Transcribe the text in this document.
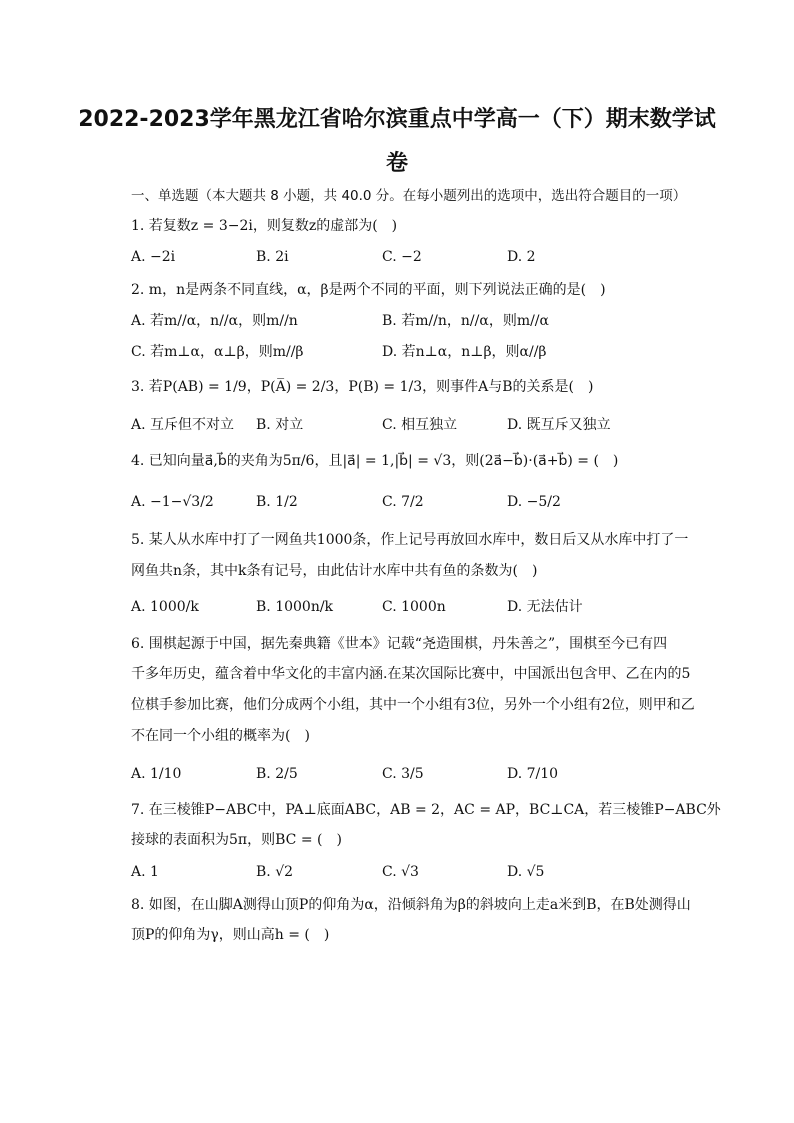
2022-2023学年黑龙江省哈尔滨重点中学高一（下）期末数学试
卷
一、单选题（本大题共 8 小题，共 40.0 分。在每小题列出的选项中，选出符合题目的一项）
1. 若复数z = 3−2i，则复数z的虚部为(　)
A. −2i	B. 2i	C. −2	D. 2
2. m，n是两条不同直线，α，β是两个不同的平面，则下列说法正确的是(　)
A. 若m//α，n//α，则m//n	B. 若m//n，n//α，则m//α
C. 若m⊥α，α⊥β，则m//β	D. 若n⊥α，n⊥β，则α//β
3. 若P(AB) = 1/9，P(A̅) = 2/3，P(B) = 1/3，则事件A与B的关系是(　)
A. 互斥但不对立 B. 对立	C. 相互独立	D. 既互斥又独立
4. 已知向量a⃗,b⃗的夹角为5π/6，且|a⃗| = 1,|b⃗| = √3，则(2a⃗−b⃗)·(a⃗+b⃗) = (　)
A. −1−√3/2	B. 1/2	C. 7/2	D. −5/2
5. 某人从水库中打了一网鱼共1000条，作上记号再放回水库中，数日后又从水库中打了一
网鱼共n条，其中k条有记号，由此估计水库中共有鱼的条数为(　)
A. 1000/k	B. 1000n/k	C. 1000n	D. 无法估计
6. 围棋起源于中国，据先秦典籍《世本》记载“尧造围棋，丹朱善之”，围棋至今已有四
千多年历史，蕴含着中华文化的丰富内涵.在某次国际比赛中，中国派出包含甲、乙在内的5
位棋手参加比赛，他们分成两个小组，其中一个小组有3位，另外一个小组有2位，则甲和乙
不在同一个小组的概率为(　)
A. 1/10	B. 2/5	C. 3/5	D. 7/10
7. 在三棱锥P−ABC中，PA⊥底面ABC，AB = 2，AC = AP，BC⊥CA，若三棱锥P−ABC外
接球的表面积为5π，则BC = (　)
A. 1	B. √2	C. √3	D. √5
8. 如图，在山脚A测得山顶P的仰角为α，沿倾斜角为β的斜坡向上走a米到B，在B处测得山
顶P的仰角为γ，则山高h = (　)
